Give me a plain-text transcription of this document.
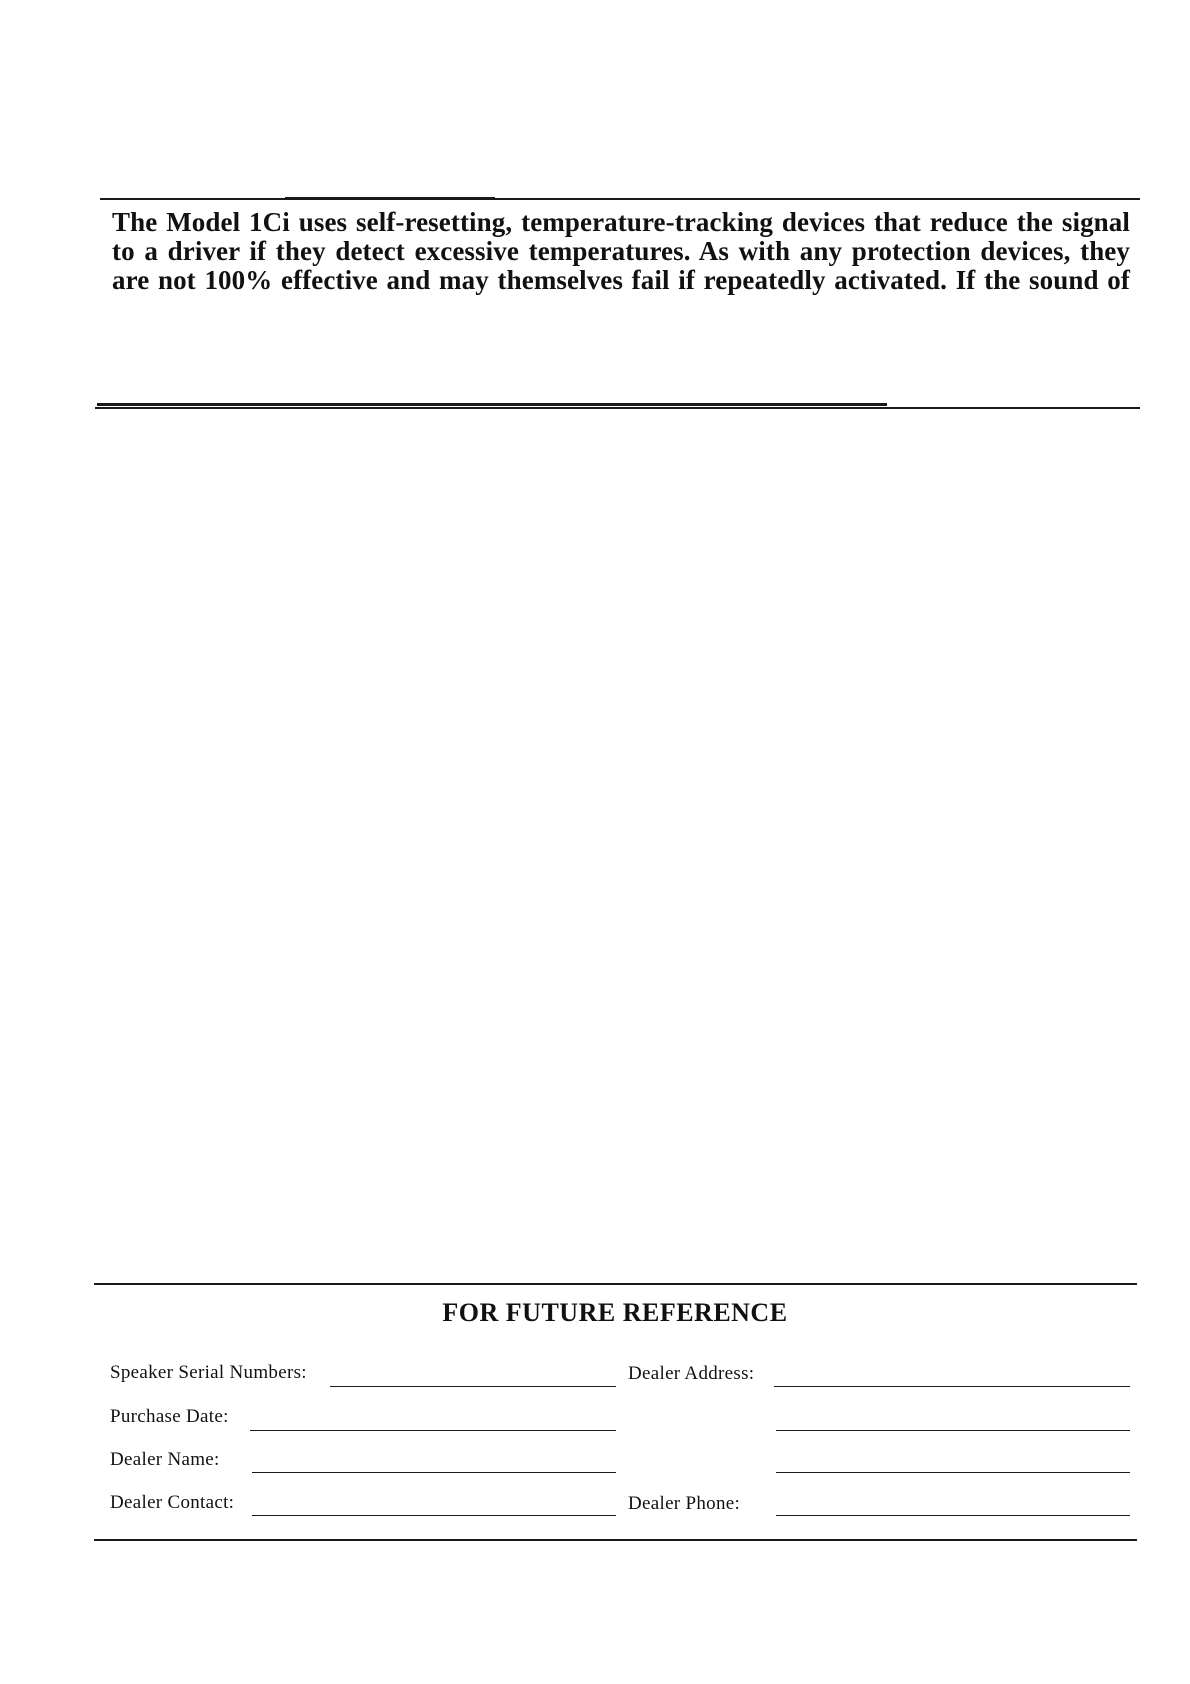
The Model 1Ci uses self-resetting, temperature-tracking devices that reduce the signal
to a driver if they detect excessive temperatures. As with any protection devices, they
are not 100% effective and may themselves fail if repeatedly activated. If the sound of

FOR FUTURE REFERENCE
Speaker Serial Numbers:
Purchase Date:
Dealer Name:
Dealer Contact:
Dealer Address:
Dealer Phone:
